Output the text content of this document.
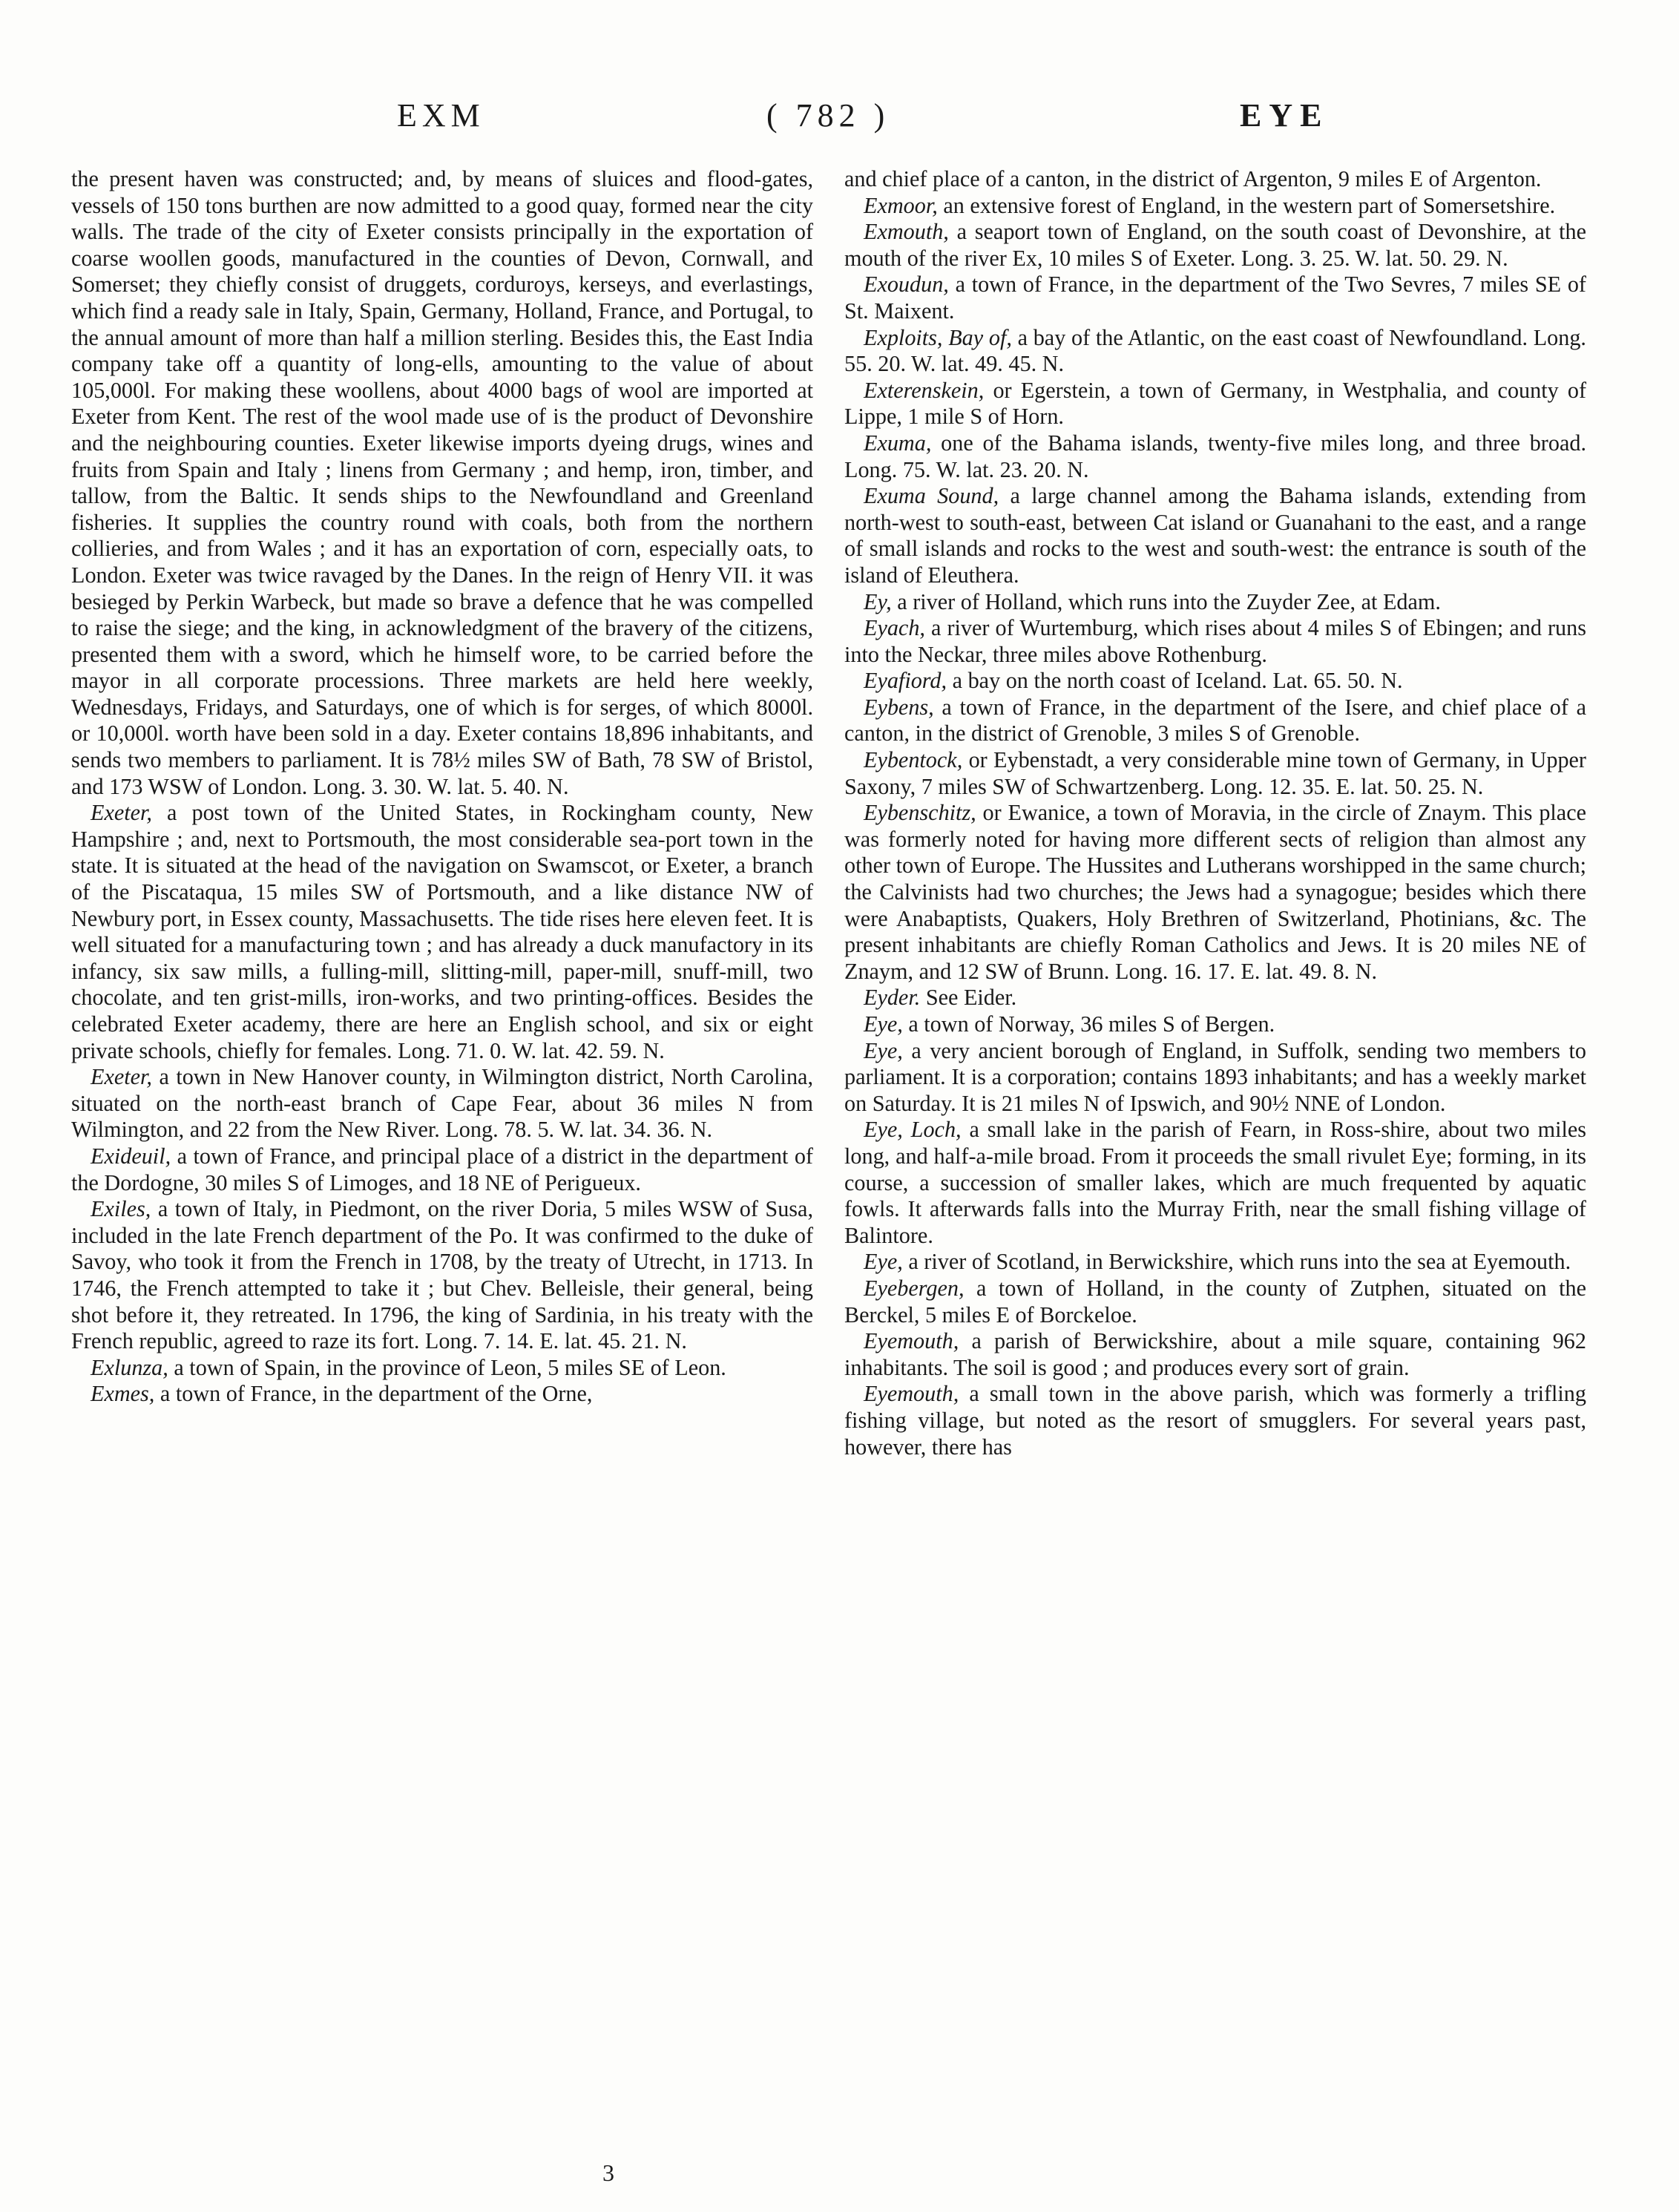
EXM	( 782 )	EYE

the present haven was constructed; and, by means of sluices and flood-gates, vessels of 150 tons burthen are now admitted to a good quay, formed near the city walls. The trade of the city of Exeter consists principally in the exportation of coarse woollen goods, manufactured in the counties of Devon, Cornwall, and Somerset; they chiefly consist of druggets, corduroys, kerseys, and everlastings, which find a ready sale in Italy, Spain, Germany, Holland, France, and Portugal, to the annual amount of more than half a million sterling. Besides this, the East India company take off a quantity of long-ells, amounting to the value of about 105,000l. For making these woollens, about 4000 bags of wool are imported at Exeter from Kent. The rest of the wool made use of is the product of Devonshire and the neighbouring counties. Exeter likewise imports dyeing drugs, wines and fruits from Spain and Italy ; linens from Germany ; and hemp, iron, timber, and tallow, from the Baltic. It sends ships to the Newfoundland and Greenland fisheries. It supplies the country round with coals, both from the northern collieries, and from Wales ; and it has an exportation of corn, especially oats, to London. Exeter was twice ravaged by the Danes. In the reign of Henry VII. it was besieged by Perkin Warbeck, but made so brave a defence that he was compelled to raise the siege; and the king, in acknowledgment of the bravery of the citizens, presented them with a sword, which he himself wore, to be carried before the mayor in all corporate processions. Three markets are held here weekly, Wednesdays, Fridays, and Saturdays, one of which is for serges, of which 8000l. or 10,000l. worth have been sold in a day. Exeter contains 18,896 inhabitants, and sends two members to parliament. It is 78½ miles SW of Bath, 78 SW of Bristol, and 173 WSW of London. Long. 3. 30. W. lat. 5. 40. N.

Exeter, a post town of the United States, in Rockingham county, New Hampshire ; and, next to Portsmouth, the most considerable sea-port town in the state. It is situated at the head of the navigation on Swamscot, or Exeter, a branch of the Piscataqua, 15 miles SW of Portsmouth, and a like distance NW of Newbury port, in Essex county, Massachusetts. The tide rises here eleven feet. It is well situated for a manufacturing town ; and has already a duck manufactory in its infancy, six saw mills, a fulling-mill, slitting-mill, paper-mill, snuff-mill, two chocolate, and ten grist-mills, iron-works, and two printing-offices. Besides the celebrated Exeter academy, there are here an English school, and six or eight private schools, chiefly for females. Long. 71. 0. W. lat. 42. 59. N.

Exeter, a town in New Hanover county, in Wilmington district, North Carolina, situated on the north-east branch of Cape Fear, about 36 miles N from Wilmington, and 22 from the New River. Long. 78. 5. W. lat. 34. 36. N.

Exideuil, a town of France, and principal place of a district in the department of the Dordogne, 30 miles S of Limoges, and 18 NE of Perigueux.

Exiles, a town of Italy, in Piedmont, on the river Doria, 5 miles WSW of Susa, included in the late French department of the Po. It was confirmed to the duke of Savoy, who took it from the French in 1708, by the treaty of Utrecht, in 1713. In 1746, the French attempted to take it ; but Chev. Belleisle, their general, being shot before it, they retreated. In 1796, the king of Sardinia, in his treaty with the French republic, agreed to raze its fort. Long. 7. 14. E. lat. 45. 21. N.

Exlunza, a town of Spain, in the province of Leon, 5 miles SE of Leon.

Exmes, a town of France, in the department of the Orne,

and chief place of a canton, in the district of Argenton, 9 miles E of Argenton.

Exmoor, an extensive forest of England, in the western part of Somersetshire.

Exmouth, a seaport town of England, on the south coast of Devonshire, at the mouth of the river Ex, 10 miles S of Exeter. Long. 3. 25. W. lat. 50. 29. N.

Exoudun, a town of France, in the department of the Two Sevres, 7 miles SE of St. Maixent.

Exploits, Bay of, a bay of the Atlantic, on the east coast of Newfoundland. Long. 55. 20. W. lat. 49. 45. N.

Exterenskein, or Egerstein, a town of Germany, in Westphalia, and county of Lippe, 1 mile S of Horn.

Exuma, one of the Bahama islands, twenty-five miles long, and three broad. Long. 75. W. lat. 23. 20. N.

Exuma Sound, a large channel among the Bahama islands, extending from north-west to south-east, between Cat island or Guanahani to the east, and a range of small islands and rocks to the west and south-west: the entrance is south of the island of Eleuthera.

Ey, a river of Holland, which runs into the Zuyder Zee, at Edam.

Eyach, a river of Wurtemburg, which rises about 4 miles S of Ebingen; and runs into the Neckar, three miles above Rothenburg.

Eyafiord, a bay on the north coast of Iceland. Lat. 65. 50. N.

Eybens, a town of France, in the department of the Isere, and chief place of a canton, in the district of Grenoble, 3 miles S of Grenoble.

Eybentock, or Eybenstadt, a very considerable mine town of Germany, in Upper Saxony, 7 miles SW of Schwartzenberg. Long. 12. 35. E. lat. 50. 25. N.

Eybenschitz, or Ewanice, a town of Moravia, in the circle of Znaym. This place was formerly noted for having more different sects of religion than almost any other town of Europe. The Hussites and Lutherans worshipped in the same church; the Calvinists had two churches; the Jews had a synagogue; besides which there were Anabaptists, Quakers, Holy Brethren of Switzerland, Photinians, &c. The present inhabitants are chiefly Roman Catholics and Jews. It is 20 miles NE of Znaym, and 12 SW of Brunn. Long. 16. 17. E. lat. 49. 8. N.

Eyder. See Eider.

Eye, a town of Norway, 36 miles S of Bergen.

Eye, a very ancient borough of England, in Suffolk, sending two members to parliament. It is a corporation; contains 1893 inhabitants; and has a weekly market on Saturday. It is 21 miles N of Ipswich, and 90½ NNE of London.

Eye, Loch, a small lake in the parish of Fearn, in Ross-shire, about two miles long, and half-a-mile broad. From it proceeds the small rivulet Eye; forming, in its course, a succession of smaller lakes, which are much frequented by aquatic fowls. It afterwards falls into the Murray Frith, near the small fishing village of Balintore.

Eye, a river of Scotland, in Berwickshire, which runs into the sea at Eyemouth.

Eyebergen, a town of Holland, in the county of Zutphen, situated on the Berckel, 5 miles E of Borckeloe.

Eyemouth, a parish of Berwickshire, about a mile square, containing 962 inhabitants. The soil is good ; and produces every sort of grain.

Eyemouth, a small town in the above parish, which was formerly a trifling fishing village, but noted as the resort of smugglers. For several years past, however, there has

3
